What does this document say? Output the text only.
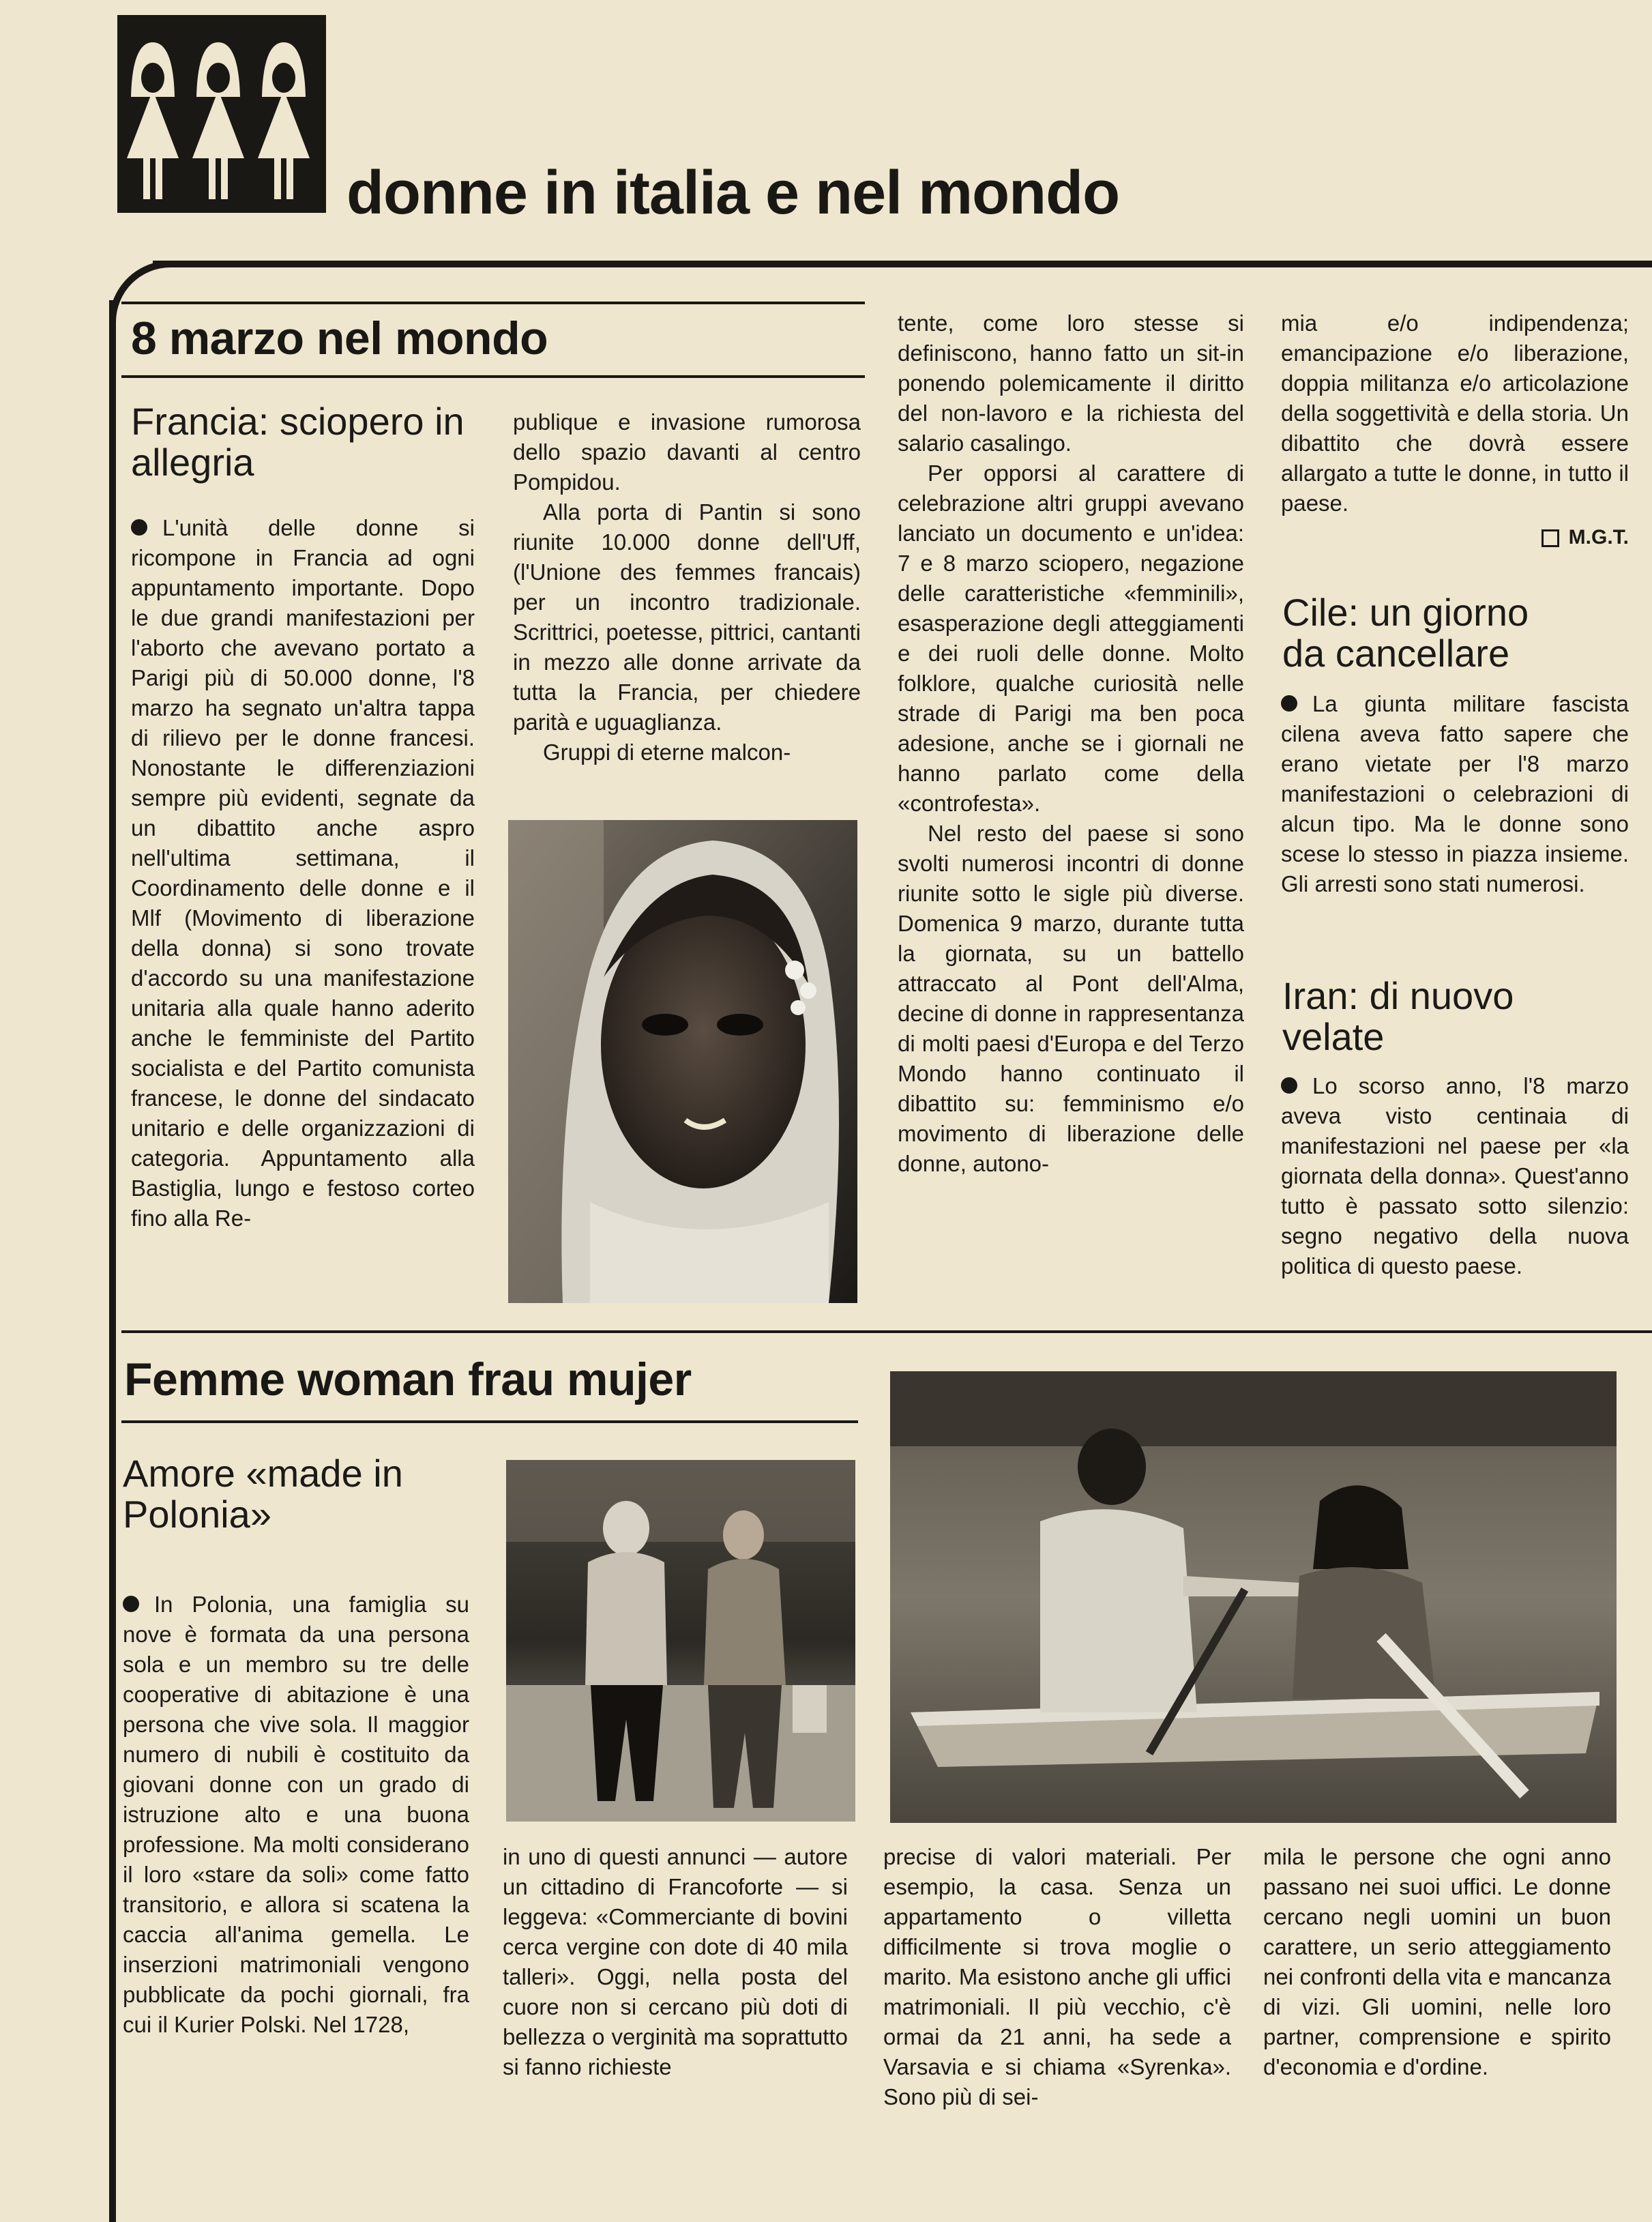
donne in italia e nel mondo
8 marzo nel mondo
Francia: sciopero in allegria

L'unità delle donne si ricompone in Francia ad ogni appuntamento importante. Dopo le due grandi manifestazioni per l'aborto che avevano portato a Parigi più di 50.000 donne, l'8 marzo ha segnato un'altra tappa di rilievo per le donne francesi. Nonostante le differenziazioni sempre più evidenti, segnate da un dibattito anche aspro nell'ultima settimana, il Coordinamento delle donne e il Mlf (Movimento di liberazione della donna) si sono trovate d'accordo su una manifestazione unitaria alla quale hanno aderito anche le femministe del Partito socialista e del Partito comunista francese, le donne del sindacato unitario e delle organizzazioni di categoria. Appuntamento alla Bastiglia, lungo e festoso corteo fino alla Re-

publique e invasione rumorosa dello spazio davanti al centro Pompidou.

Alla porta di Pantin si sono riunite 10.000 donne dell'Uff, (l'Unione des femmes francais) per un incontro tradizionale. Scrittrici, poetesse, pittrici, cantanti in mezzo alle donne arrivate da tutta la Francia, per chiedere parità e uguaglianza.

Gruppi di eterne malcon-

tente, come loro stesse si definiscono, hanno fatto un sit-in ponendo polemicamente il diritto del non-lavoro e la richiesta del salario casalingo.

Per opporsi al carattere di celebrazione altri gruppi avevano lanciato un documento e un'idea: 7 e 8 marzo sciopero, negazione delle caratteristiche «femminili», esasperazione degli atteggiamenti e dei ruoli delle donne. Molto folklore, qualche curiosità nelle strade di Parigi ma ben poca adesione, anche se i giornali ne hanno parlato come della «controfesta».

Nel resto del paese si sono svolti numerosi incontri di donne riunite sotto le sigle più diverse. Domenica 9 marzo, durante tutta la giornata, su un battello attraccato al Pont dell'Alma, decine di donne in rappresentanza di molti paesi d'Europa e del Terzo Mondo hanno continuato il dibattito su: femminismo e/o movimento di liberazione delle donne, autono-

mia e/o indipendenza; emancipazione e/o liberazione, doppia militanza e/o articolazione della soggettività e della storia. Un dibattito che dovrà essere allargato a tutte le donne, in tutto il paese.

M.G.T.
Cile: un giorno da cancellare

La giunta militare fascista cilena aveva fatto sapere che erano vietate per l'8 marzo manifestazioni o celebrazioni di alcun tipo. Ma le donne sono scese lo stesso in piazza insieme. Gli arresti sono stati numerosi.

Iran: di nuovo velate

Lo scorso anno, l'8 marzo aveva visto centinaia di manifestazioni nel paese per «la giornata della donna». Quest'anno tutto è passato sotto silenzio: segno negativo della nuova politica di questo paese.

Femme woman frau mujer
Amore «made in Polonia»

In Polonia, una famiglia su nove è formata da una persona sola e un membro su tre delle cooperative di abitazione è una persona che vive sola. Il maggior numero di nubili è costituito da giovani donne con un grado di istruzione alto e una buona professione. Ma molti considerano il loro «stare da soli» come fatto transitorio, e allora si scatena la caccia all'anima gemella. Le inserzioni matrimoniali vengono pubblicate da pochi giornali, fra cui il Kurier Polski. Nel 1728,

in uno di questi annunci — autore un cittadino di Francoforte — si leggeva: «Commerciante di bovini cerca vergine con dote di 40 mila talleri». Oggi, nella posta del cuore non si cercano più doti di bellezza o verginità ma soprattutto si fanno richieste

precise di valori materiali. Per esempio, la casa. Senza un appartamento o villetta difficilmente si trova moglie o marito. Ma esistono anche gli uffici matrimoniali. Il più vecchio, c'è ormai da 21 anni, ha sede a Varsavia e si chiama «Syrenka». Sono più di sei-

mila le persone che ogni anno passano nei suoi uffici. Le donne cercano negli uomini un buon carattere, un serio atteggiamento nei confronti della vita e mancanza di vizi. Gli uomini, nelle loro partner, comprensione e spirito d'economia e d'ordine.
